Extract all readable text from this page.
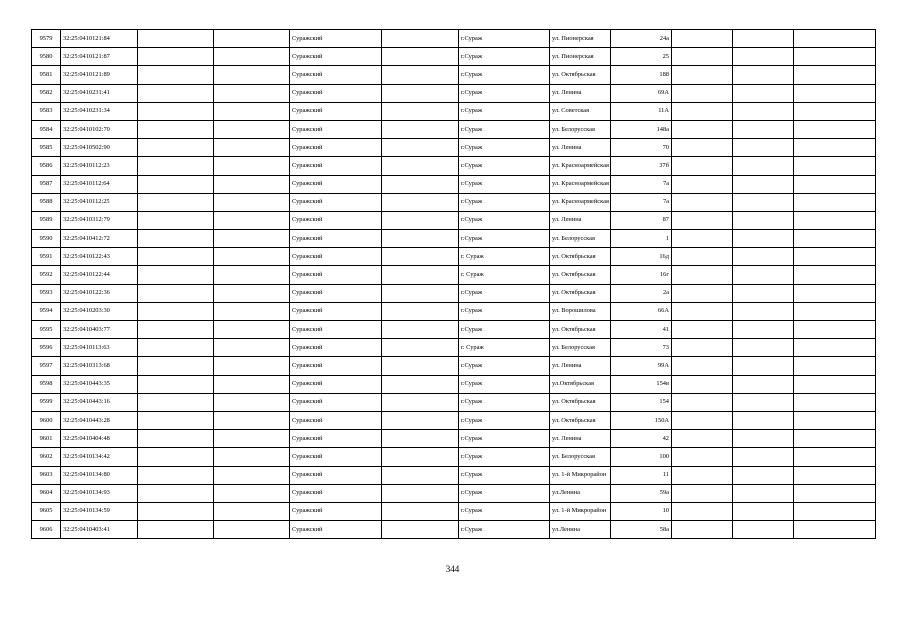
9579	32:25:0410121:84			Суражский		г.Сураж	ул. Пионерская	24а			
9580	32:25:0410121:87			Суражский		г.Сураж	ул. Пионерская	25			
9581	32:25:0410121:89			Суражский		г.Сураж	ул. Октябрьская	188			
9582	32:25:0410231:41			Суражский		г.Сураж	ул. Ленина	69А			
9583	32:25:0410231:34			Суражский		г.Сураж	ул. Советская	11А			
9584	32:25:0410102:70			Суражский		г.Сураж	ул. Белорусская	148а			
9585	32:25:0410502:90			Суражский		г.Сураж	ул. Ленина	70			
9586	32:25:0410112:23			Суражский		г.Сураж	ул. Красноармейская	37б			
9587	32:25:0410112:64			Суражский		г.Сураж	ул. Красноармейская	7а			
9588	32:25:0410112:25			Суражский		г.Сураж	ул. Красноармейская	7а			
9589	32:25:0410312:79			Суражский		г.Сураж	ул. Ленина	87			
9590	32:25:0410412:72			Суражский		г.Сураж	ул. Белорусская	1			
9591	32:25:0410122:43			Суражский		г. Сураж	ул. Октябрьская	16д			
9592	32:25:0410122:44			Суражский		г. Сураж	ул. Октябрьская	16г			
9593	32:25:0410122:36			Суражский		г.Сураж	ул. Октябрьская	2а			
9594	32:25:0410203:30			Суражский		г.Сураж	ул. Ворошилова	66А			
9595	32:25:0410403:77			Суражский		г.Сураж	ул. Октябрьская	41			
9596	32:25:0410113:63			Суражский		г. Сураж	ул. Белорусская	73			
9597	32:25:0410313:68			Суражский		г.Сураж	ул. Ленина	99А			
9598	32:25:0410443:35			Суражский		г.Сураж	ул.Октябрьская	154в			
9599	32:25:0410443:16			Суражский		г.Сураж	ул. Октябрьская	154			
9600	32:25:0410443:28			Суражский		г.Сураж	ул. Октябрьская	150А			
9601	32:25:0410404:48			Суражский		г.Сураж	ул. Ленина	42			
9602	32:25:0410134:42			Суражский		г.Сураж	ул. Белорусская	100			
9603	32:25:0410134:80			Суражский		г.Сураж	ул. 1-й Микрорайон	11			
9604	32:25:0410134:93			Суражский		г.Сураж	ул.Ленина	59а			
9605	32:25:0410134:59			Суражский		г.Сураж	ул. 1-й Микрорайон	10			
9606	32:25:0410403:41			Суражский		г.Сураж	ул.Ленина	58а			
344
